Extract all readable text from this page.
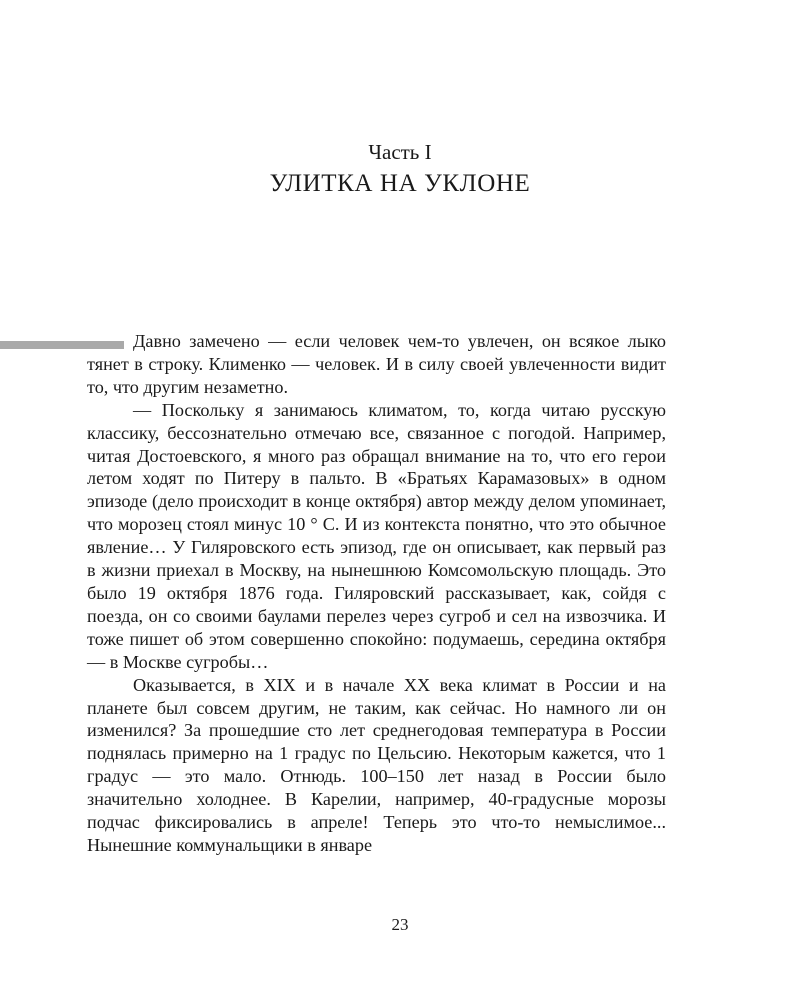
Часть I
УЛИТКА НА УКЛОНЕ

Давно замечено — если человек чем-то увлечен, он всякое лыко тянет в строку. Клименко — человек. И в силу своей увлеченности видит то, что другим незаметно.

— Поскольку я занимаюсь климатом, то, когда читаю русскую классику, бессознательно отмечаю все, связанное с погодой. Например, читая Достоевского, я много раз обращал внимание на то, что его герои летом ходят по Питеру в пальто. В «Братьях Карамазовых» в одном эпизоде (дело происходит в конце октября) автор между делом упоминает, что морозец стоял минус 10 ° С. И из контекста понятно, что это обычное явление… У Гиляровского есть эпизод, где он описывает, как первый раз в жизни приехал в Москву, на нынешнюю Комсомольскую площадь. Это было 19 октября 1876 года. Гиляровский рассказывает, как, сойдя с поезда, он со своими баулами перелез через сугроб и сел на извозчика. И тоже пишет об этом совершенно спокойно: подумаешь, середина октября — в Москве сугробы…

Оказывается, в XIX и в начале XX века климат в России и на планете был совсем другим, не таким, как сейчас. Но намного ли он изменился? За прошедшие сто лет среднегодовая температура в России поднялась примерно на 1 градус по Цельсию. Некоторым кажется, что 1 градус — это мало. Отнюдь. 100–150 лет назад в России было значительно холоднее. В Карелии, например, 40-градусные морозы подчас фиксировались в апреле! Теперь это что-то немыслимое... Нынешние коммунальщики в январе

23
